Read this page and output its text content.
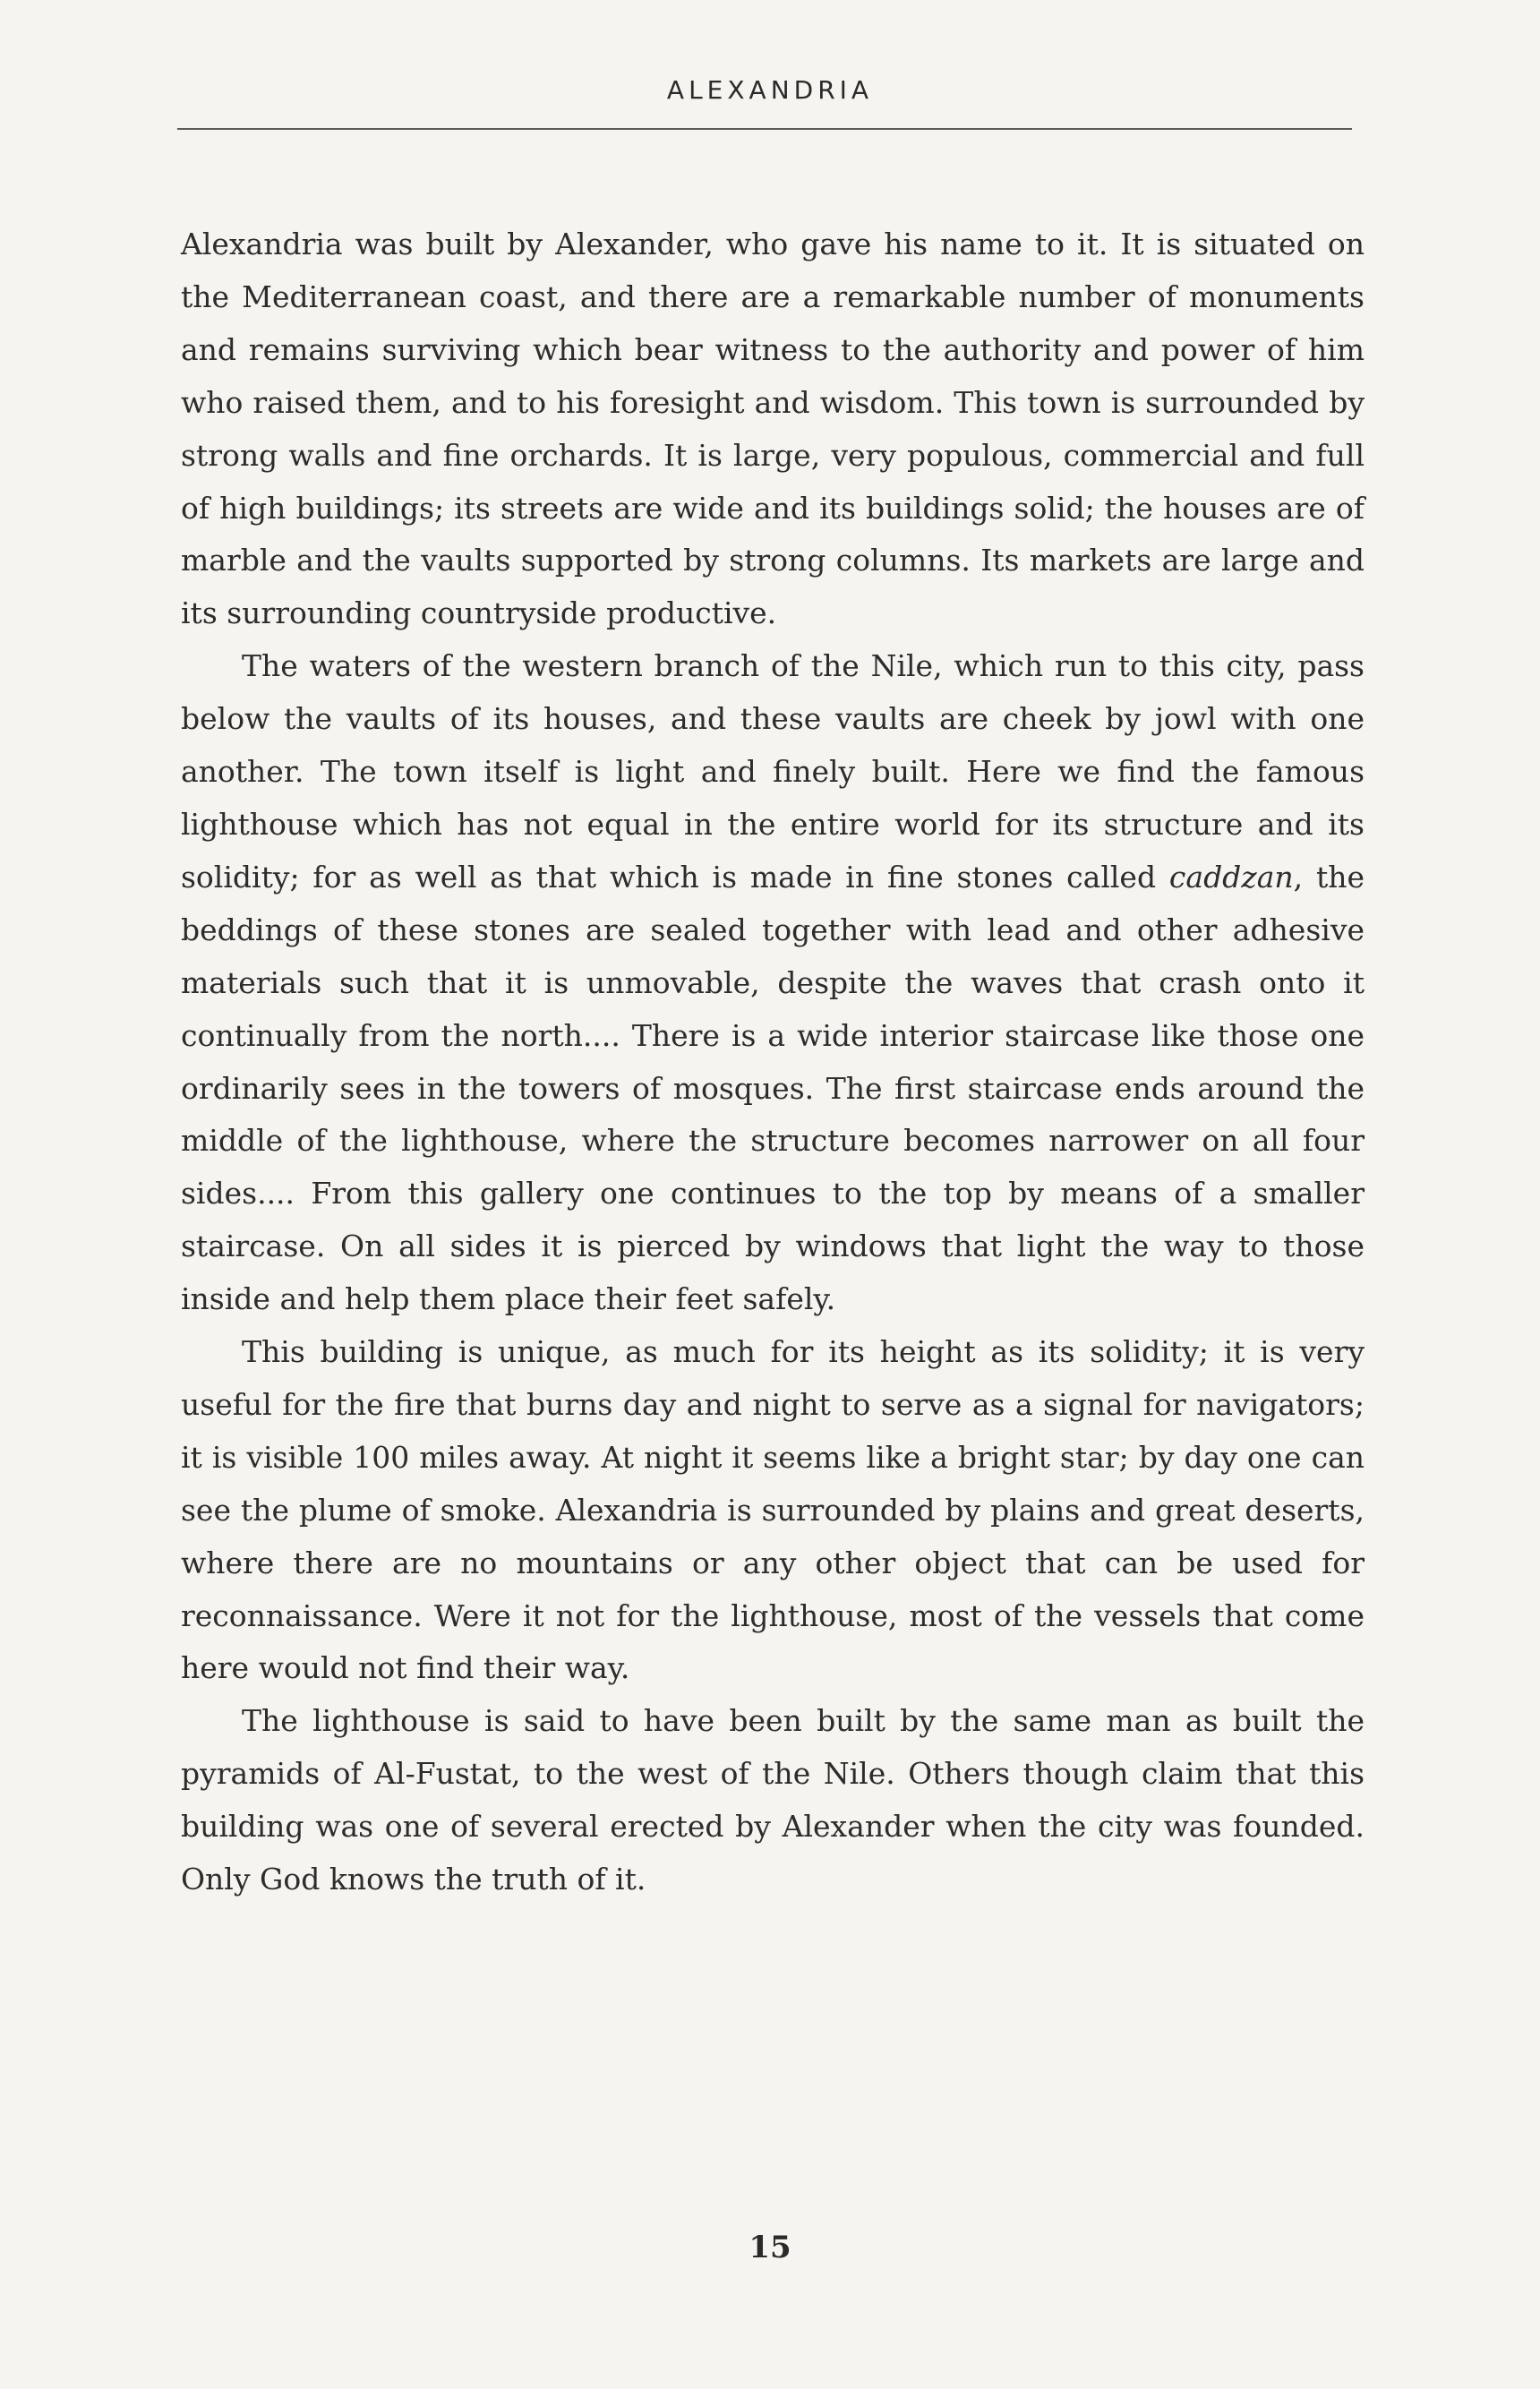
ALEXANDRIA

Alexandria was built by Alexander, who gave his name to it. It is situated on the Mediterranean coast, and there are a remarkable number of monuments and remains surviving which bear witness to the authority and power of him who raised them, and to his foresight and wisdom. This town is surrounded by strong walls and fine orchards. It is large, very populous, commercial and full of high buildings; its streets are wide and its buildings solid; the houses are of marble and the vaults supported by strong columns. Its markets are large and its surrounding countryside productive.

The waters of the western branch of the Nile, which run to this city, pass below the vaults of its houses, and these vaults are cheek by jowl with one another. The town itself is light and finely built. Here we find the famous lighthouse which has not equal in the entire world for its structure and its solidity; for as well as that which is made in fine stones called caddzan, the beddings of these stones are sealed together with lead and other adhesive materials such that it is unmovable, despite the waves that crash onto it continually from the north.... There is a wide interior staircase like those one ordinarily sees in the towers of mosques. The first staircase ends around the middle of the lighthouse, where the structure becomes narrower on all four sides.... From this gallery one continues to the top by means of a smaller staircase. On all sides it is pierced by windows that light the way to those inside and help them place their feet safely.

This building is unique, as much for its height as its solidity; it is very useful for the fire that burns day and night to serve as a signal for navigators; it is visible 100 miles away. At night it seems like a bright star; by day one can see the plume of smoke. Alexandria is surrounded by plains and great deserts, where there are no mountains or any other object that can be used for reconnaissance. Were it not for the lighthouse, most of the vessels that come here would not find their way.

The lighthouse is said to have been built by the same man as built the pyramids of Al-Fustat, to the west of the Nile. Others though claim that this building was one of several erected by Alexander when the city was founded. Only God knows the truth of it.

15
